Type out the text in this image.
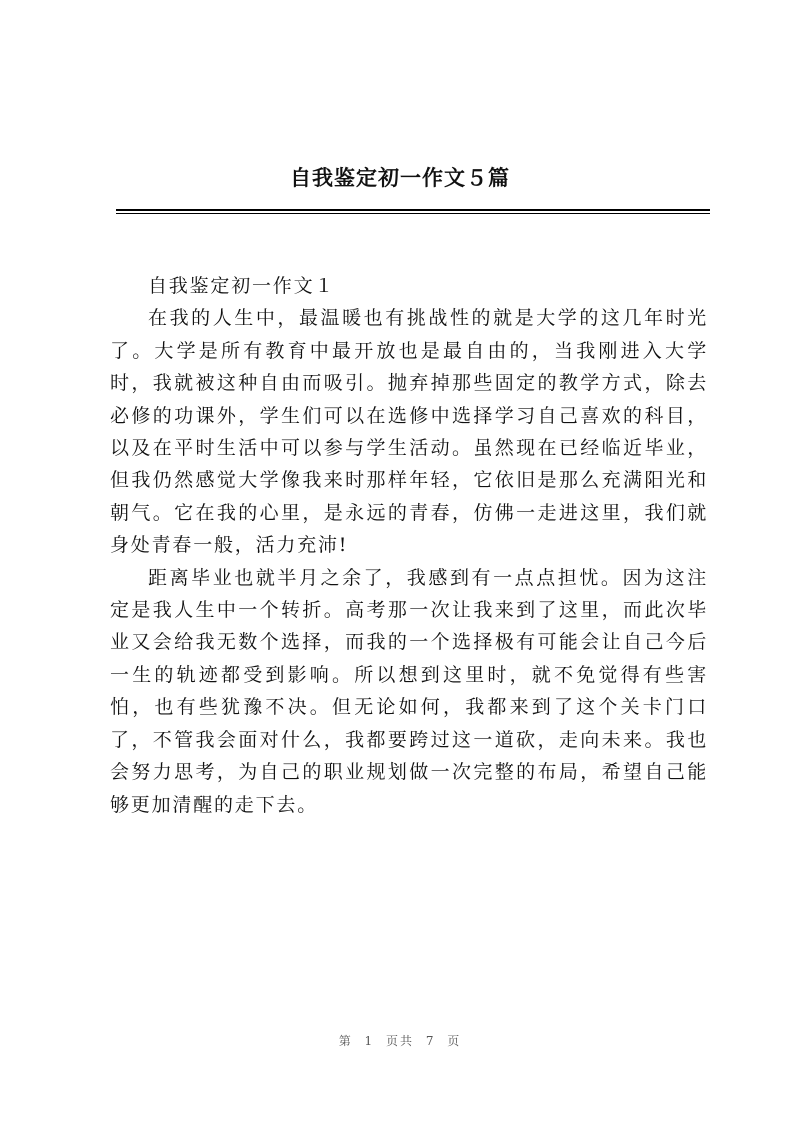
自我鉴定初一作文５篇

自我鉴定初一作文１

在我的人生中，最温暖也有挑战性的就是大学的这几年时光了。大学是所有教育中最开放也是最自由的，当我刚进入大学时，我就被这种自由而吸引。抛弃掉那些固定的教学方式，除去必修的功课外，学生们可以在选修中选择学习自己喜欢的科目，以及在平时生活中可以参与学生活动。虽然现在已经临近毕业，但我仍然感觉大学像我来时那样年轻，它依旧是那么充满阳光和朝气。它在我的心里，是永远的青春，仿佛一走进这里，我们就身处青春一般，活力充沛!

距离毕业也就半月之余了，我感到有一点点担忧。因为这注定是我人生中一个转折。高考那一次让我来到了这里，而此次毕业又会给我无数个选择，而我的一个选择极有可能会让自己今后一生的轨迹都受到影响。所以想到这里时，就不免觉得有些害怕，也有些犹豫不决。但无论如何，我都来到了这个关卡门口了，不管我会面对什么，我都要跨过这一道砍，走向未来。我也会努力思考，为自己的职业规划做一次完整的布局，希望自己能够更加清醒的走下去。

第 1 页共 7 页
